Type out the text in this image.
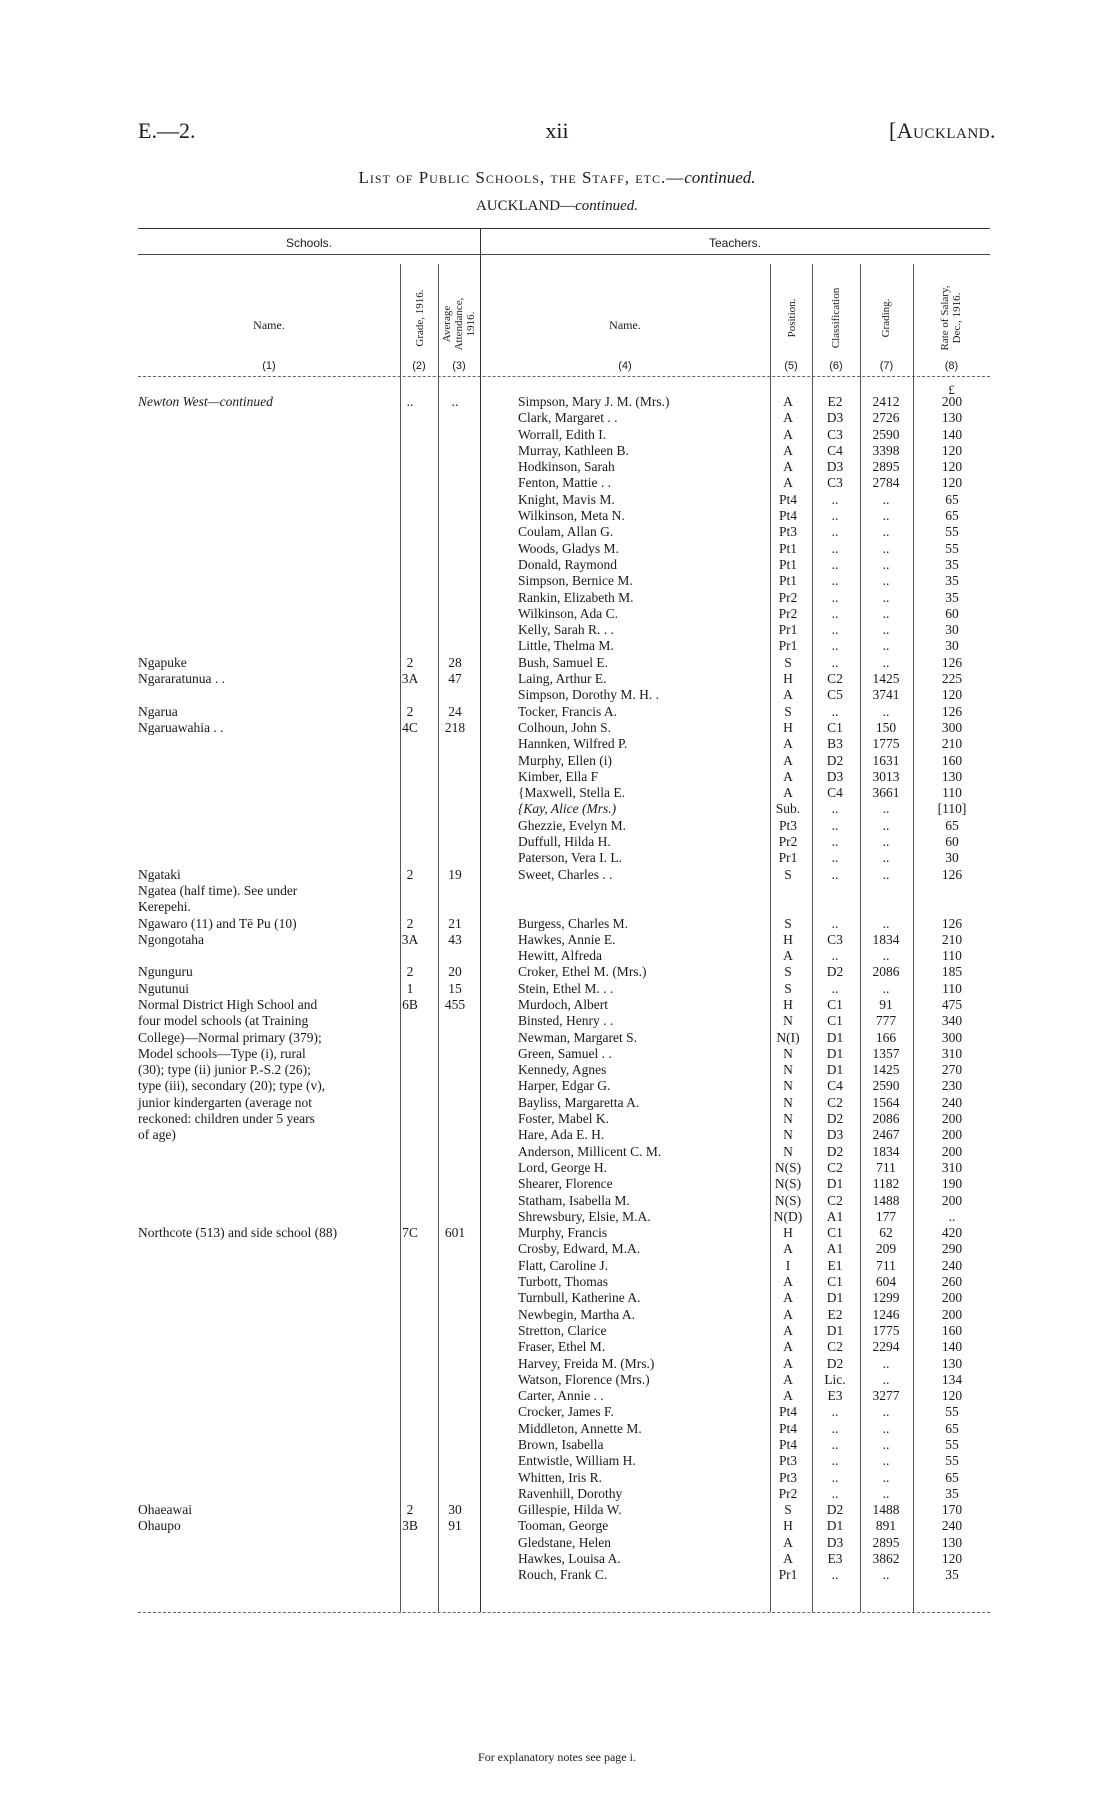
E.—2.	xii	[Auckland.
List of Public Schools, the Staff, etc.—continued.
AUCKLAND—continued.
Schools.	Teachers.
Name.	Grade, 1916. Average Attendance, 1916.	Name.	Position.	Classification	Grading.	Rate of Salary, Dec., 1916.
(1)	(2)	(3)	(4)	(5)	(6)	(7)	(8)
£
Newton West—continued	..	..	Simpson, Mary J. M. (Mrs.)	A	E2	2412	200
Clark, Margaret . .	A	D3	2726	130
Worrall, Edith I.	A	C3	2590	140
Murray, Kathleen B.	A	C4	3398	120
Hodkinson, Sarah	A	D3	2895	120
Fenton, Mattie . .	A	C3	2784	120
Knight, Mavis M.	Pt4	..	..	65
Wilkinson, Meta N.	Pt4	..	..	65
Coulam, Allan G.	Pt3	..	..	55
Woods, Gladys M.	Pt1	..	..	55
Donald, Raymond	Pt1	..	..	35
Simpson, Bernice M.	Pt1	..	..	35
Rankin, Elizabeth M.	Pr2	..	..	35
Wilkinson, Ada C.	Pr2	..	..	60
Kelly, Sarah R. . .	Pr1	..	..	30
Little, Thelma M.	Pr1	..	..	30
Ngapuke	2	28	Bush, Samuel E.	S	..	..	126
Ngararatunua . .	3A	47	Laing, Arthur E.	H	C2	1425	225
Simpson, Dorothy M. H. .	A	C5	3741	120
Ngarua	2	24	Tocker, Francis A.	S	..	..	126
Ngaruawahia . .	4C	218	Colhoun, John S.	H	C1	150	300
Hannken, Wilfred P.	A	B3	1775	210
Murphy, Ellen (i)	A	D2	1631	160
Kimber, Ella F	A	D3	3013	130
{Maxwell, Stella E.	A	C4	3661	110
{Kay, Alice (Mrs.)	Sub.	..	..	[110]
Ghezzie, Evelyn M.	Pt3	..	..	65
Duffull, Hilda H.	Pr2	..	..	60
Paterson, Vera I. L.	Pr1	..	..	30
Ngataki	2	19	Sweet, Charles . .	S	..	..	126
Ngatea (half time). See under
Kerepehi.
Ngawaro (11) and Tē Pu (10)	2	21	Burgess, Charles M.	S	..	..	126
Ngongotaha	3A	43	Hawkes, Annie E.	H	C3	1834	210
Hewitt, Alfreda	A	..	..	110
Ngunguru	2	20	Croker, Ethel M. (Mrs.)	S	D2	2086	185
Ngutunui	1	15	Stein, Ethel M. . .	S	..	..	110
Normal District High School and	6B	455	Murdoch, Albert	H	C1	91	475
four model schools (at Training	Binsted, Henry . .	N	C1	777	340
College)—Normal primary (379);	Newman, Margaret S.	N(I)	D1	166	300
Model schools—Type (i), rural	Green, Samuel . .	N	D1	1357	310
(30); type (ii) junior P.-S.2 (26);	Kennedy, Agnes	N	D1	1425	270
type (iii), secondary (20); type (v),	Harper, Edgar G.	N	C4	2590	230
junior kindergarten (average not	Bayliss, Margaretta A.	N	C2	1564	240
reckoned: children under 5 years	Foster, Mabel K.	N	D2	2086	200
of age)	Hare, Ada E. H.	N	D3	2467	200
Anderson, Millicent C. M.	N	D2	1834	200
Lord, George H.	N(S)	C2	711	310
Shearer, Florence	N(S)	D1	1182	190
Statham, Isabella M.	N(S)	C2	1488	200
Shrewsbury, Elsie, M.A.	N(D)	A1	177	..
Northcote (513) and side school (88)	7C	601	Murphy, Francis	H	C1	62	420
Crosby, Edward, M.A.	A	A1	209	290
Flatt, Caroline J.	I	E1	711	240
Turbott, Thomas	A	C1	604	260
Turnbull, Katherine A.	A	D1	1299	200
Newbegin, Martha A.	A	E2	1246	200
Stretton, Clarice	A	D1	1775	160
Fraser, Ethel M.	A	C2	2294	140
Harvey, Freida M. (Mrs.)	A	D2	..	130
Watson, Florence (Mrs.)	A	Lic.	..	134
Carter, Annie . .	A	E3	3277	120
Crocker, James F.	Pt4	..	..	55
Middleton, Annette M.	Pt4	..	..	65
Brown, Isabella	Pt4	..	..	55
Entwistle, William H.	Pt3	..	..	55
Whitten, Iris R.	Pt3	..	..	65
Ravenhill, Dorothy	Pr2	..	..	35
Ohaeawai	2	30	Gillespie, Hilda W.	S	D2	1488	170
Ohaupo	3B	91	Tooman, George	H	D1	891	240
Gledstane, Helen	A	D3	2895	130
Hawkes, Louisa A.	A	E3	3862	120
Rouch, Frank C.	Pr1	..	..	35
For explanatory notes see page i.
